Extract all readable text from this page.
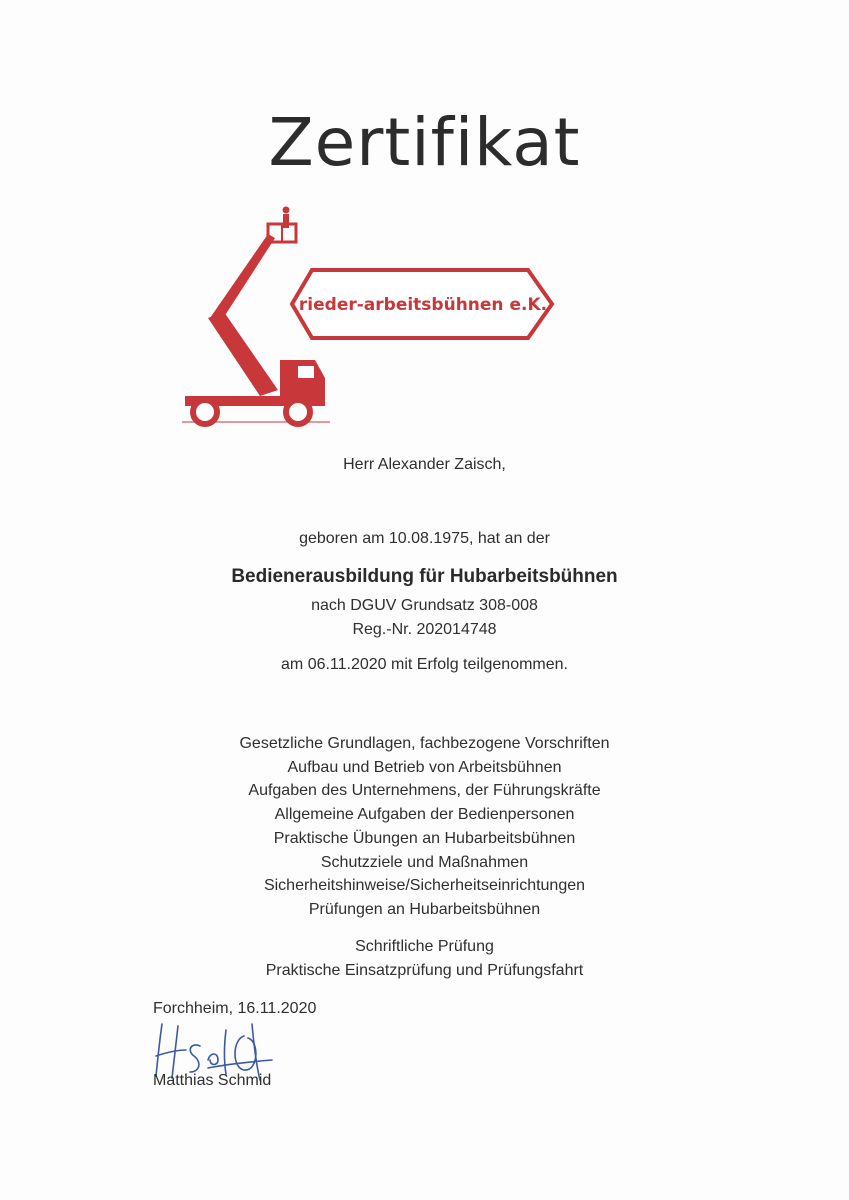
Zertifikat
rieder-arbeitsbühnen e.K.
Herr Alexander Zaisch,
geboren am 10.08.1975, hat an der
Bedienerausbildung für Hubarbeitsbühnen
nach DGUV Grundsatz 308-008
Reg.-Nr. 202014748
am 06.11.2020 mit Erfolg teilgenommen.
Gesetzliche Grundlagen, fachbezogene Vorschriften
Aufbau und Betrieb von Arbeitsbühnen
Aufgaben des Unternehmens, der Führungskräfte
Allgemeine Aufgaben der Bedienpersonen
Praktische Übungen an Hubarbeitsbühnen
Schutzziele und Maßnahmen
Sicherheitshinweise/Sicherheitseinrichtungen
Prüfungen an Hubarbeitsbühnen
Schriftliche Prüfung
Praktische Einsatzprüfung und Prüfungsfahrt
Forchheim, 16.11.2020
Matthias Schmid
